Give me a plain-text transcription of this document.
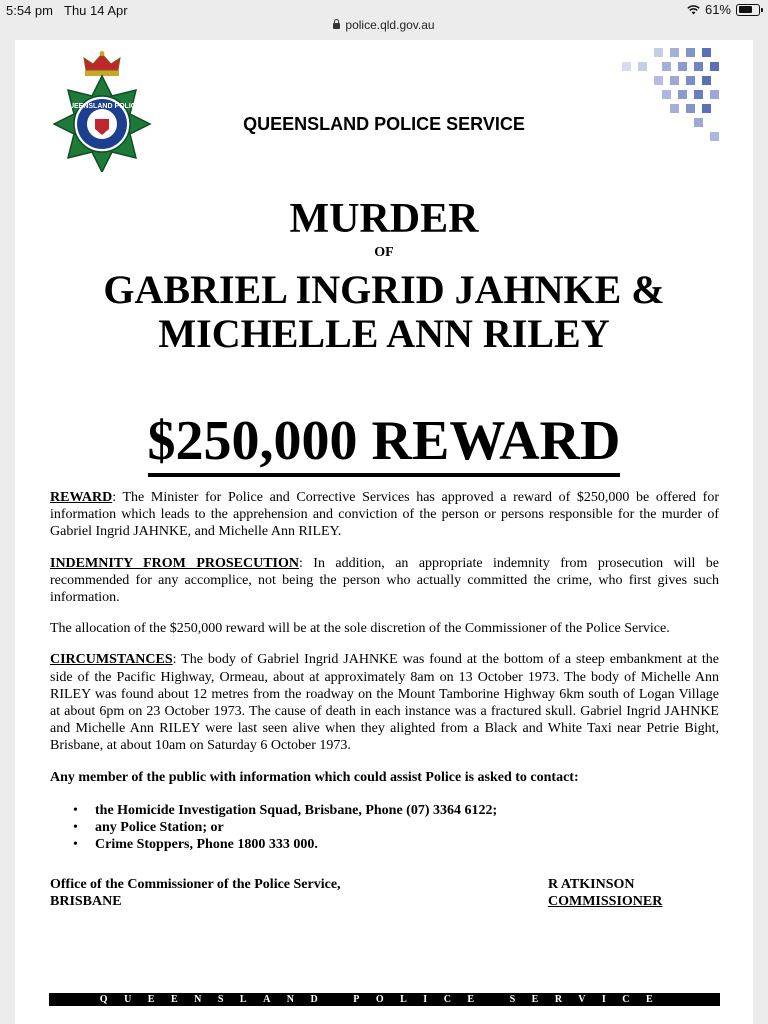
5:54 pm Thu 14 Apr	61%
police.qld.gov.au
QUEENSLAND POLICE
QUEENSLAND POLICE SERVICE
MURDER
OF
GABRIEL INGRID JAHNKE &
MICHELLE ANN RILEY
$250,000 REWARD

REWARD: The Minister for Police and Corrective Services has approved a reward of $250,000 be offered for information which leads to the apprehension and conviction of the person or persons responsible for the murder of Gabriel Ingrid JAHNKE, and Michelle Ann RILEY.

INDEMNITY FROM PROSECUTION: In addition, an appropriate indemnity from prosecution will be recommended for any accomplice, not being the person who actually committed the crime, who first gives such information.

The allocation of the $250,000 reward will be at the sole discretion of the Commissioner of the Police Service.

CIRCUMSTANCES: The body of Gabriel Ingrid JAHNKE was found at the bottom of a steep embankment at the side of the Pacific Highway, Ormeau, about at approximately 8am on 13 October 1973. The body of Michelle Ann RILEY was found about 12 metres from the roadway on the Mount Tamborine Highway 6km south of Logan Village at about 6pm on 23 October 1973. The cause of death in each instance was a fractured skull. Gabriel Ingrid JAHNKE and Michelle Ann RILEY were last seen alive when they alighted from a Black and White Taxi near Petrie Bight, Brisbane, at about 10am on Saturday 6 October 1973.

Any member of the public with information which could assist Police is asked to contact:

• the Homicide Investigation Squad, Brisbane, Phone (07) 3364 6122;
• any Police Station; or
• Crime Stoppers, Phone 1800 333 000.
Office of the Commissioner of the Police Service,
BRISBANE
R ATKINSON
COMMISSIONER
QUEENSLAND POLICE SERVICE
